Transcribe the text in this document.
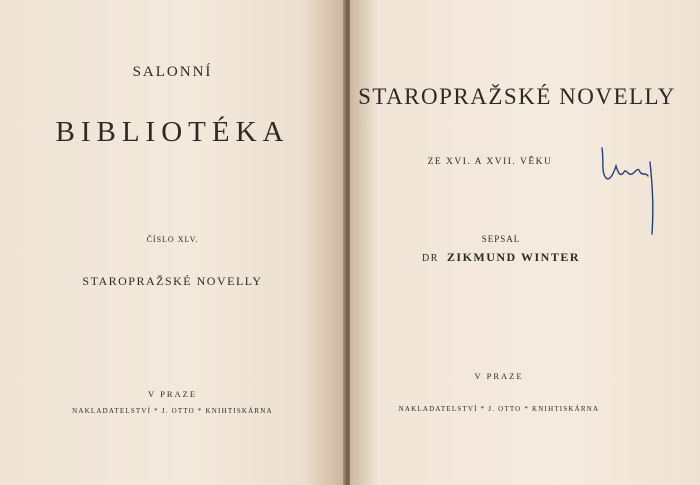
SALONNÍ
BIBLIOTÉKA
ČÍSLO XLV.
STAROPRAŽSKÉ NOVELLY
V PRAZE
NAKLADATELSTVÍ * J. OTTO * KNIHTISKÁRNA
STAROPRAŽSKÉ NOVELLY
ZE XVI. A XVII. VĚKU
SEPSAL
DR ZIKMUND WINTER
V PRAZE
NAKLADATELSTVÍ * J. OTTO * KNIHTISKÁRNA
